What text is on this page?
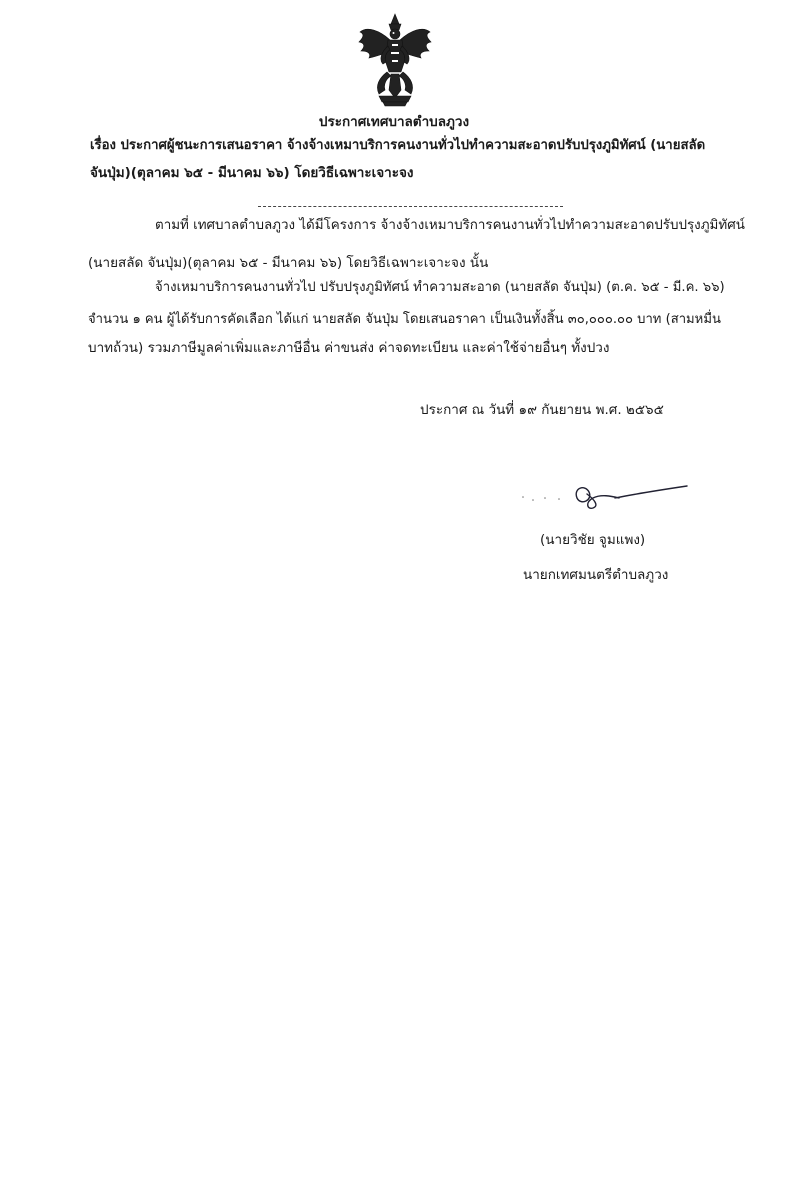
ประกาศเทศบาลตำบลภูวง
เรื่อง ประกาศผู้ชนะการเสนอราคา จ้างจ้างเหมาบริการคนงานทั่วไปทำความสะอาดปรับปรุงภูมิทัศน์ (นายสลัด
จันปุ่ม)(ตุลาคม ๖๕ - มีนาคม ๖๖) โดยวิธีเฉพาะเจาะจง
ตามที่ เทศบาลตำบลภูวง ได้มีโครงการ จ้างจ้างเหมาบริการคนงานทั่วไปทำความสะอาดปรับปรุงภูมิทัศน์
(นายสลัด จันปุ่ม)(ตุลาคม ๖๕ - มีนาคม ๖๖) โดยวิธีเฉพาะเจาะจง นั้น
จ้างเหมาบริการคนงานทั่วไป ปรับปรุงภูมิทัศน์ ทำความสะอาด (นายสลัด จันปุ่ม) (ต.ค. ๖๕ - มี.ค. ๖๖)
จำนวน ๑ คน ผู้ได้รับการคัดเลือก ได้แก่ นายสลัด จันปุ่ม โดยเสนอราคา เป็นเงินทั้งสิ้น ๓๐,๐๐๐.๐๐ บาท (สามหมื่น
บาทถ้วน) รวมภาษีมูลค่าเพิ่มและภาษีอื่น ค่าขนส่ง ค่าจดทะเบียน และค่าใช้จ่ายอื่นๆ ทั้งปวง
ประกาศ ณ วันที่ ๑๙ กันยายน พ.ศ. ๒๕๖๕
(นายวิชัย จูมแพง)
นายกเทศมนตรีตำบลภูวง
